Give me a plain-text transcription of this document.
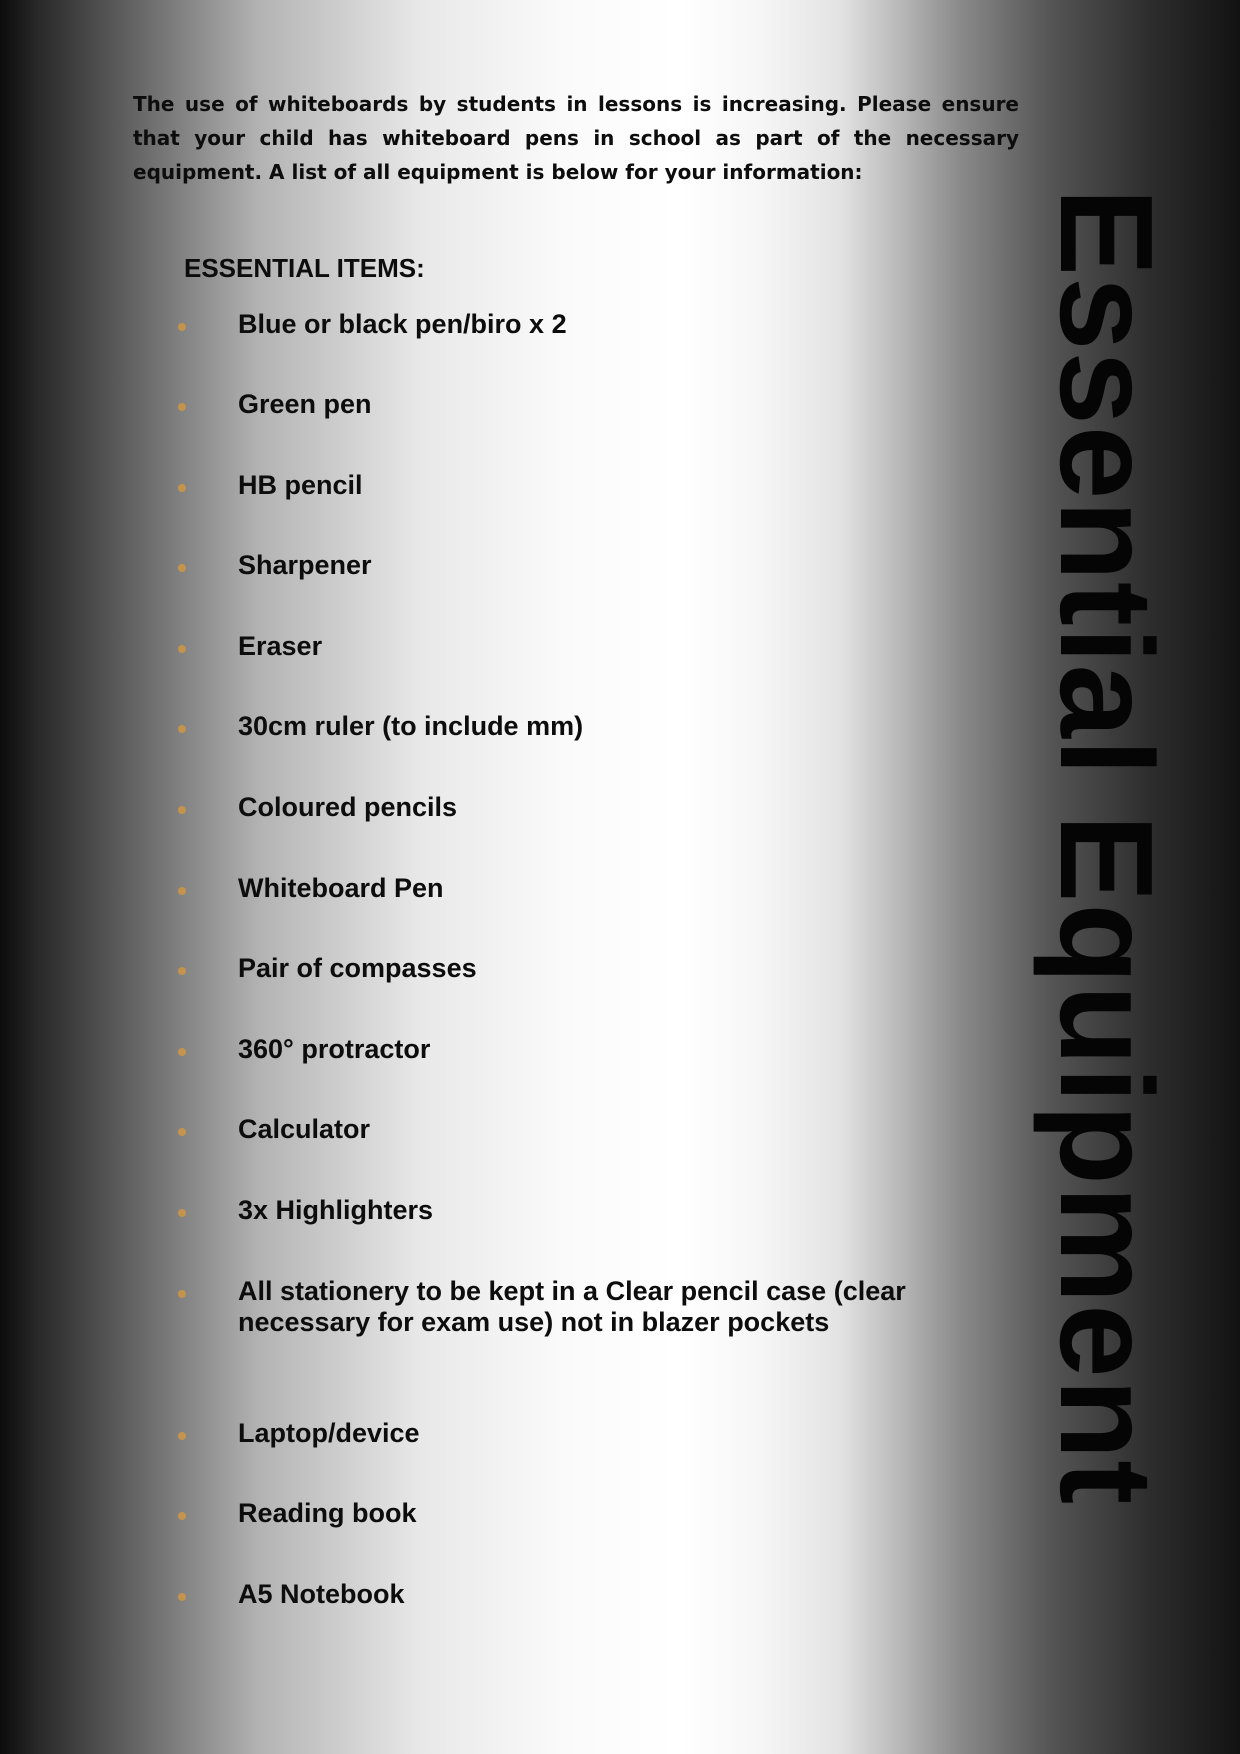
The use of whiteboards by students in lessons is increasing. Please ensure that your child has whiteboard pens in school as part of the necessary equipment. A list of all equipment is below for your information:

ESSENTIAL ITEMS:
Blue or black pen/biro x 2
Green pen
HB pencil
Sharpener
Eraser
30cm ruler (to include mm)
Coloured pencils
Whiteboard Pen
Pair of compasses
360° protractor
Calculator
3x Highlighters
All stationery to be kept in a Clear pencil case (clear necessary for exam use) not in blazer pockets
Laptop/device
Reading book
A5 Notebook
Essential Equipment
